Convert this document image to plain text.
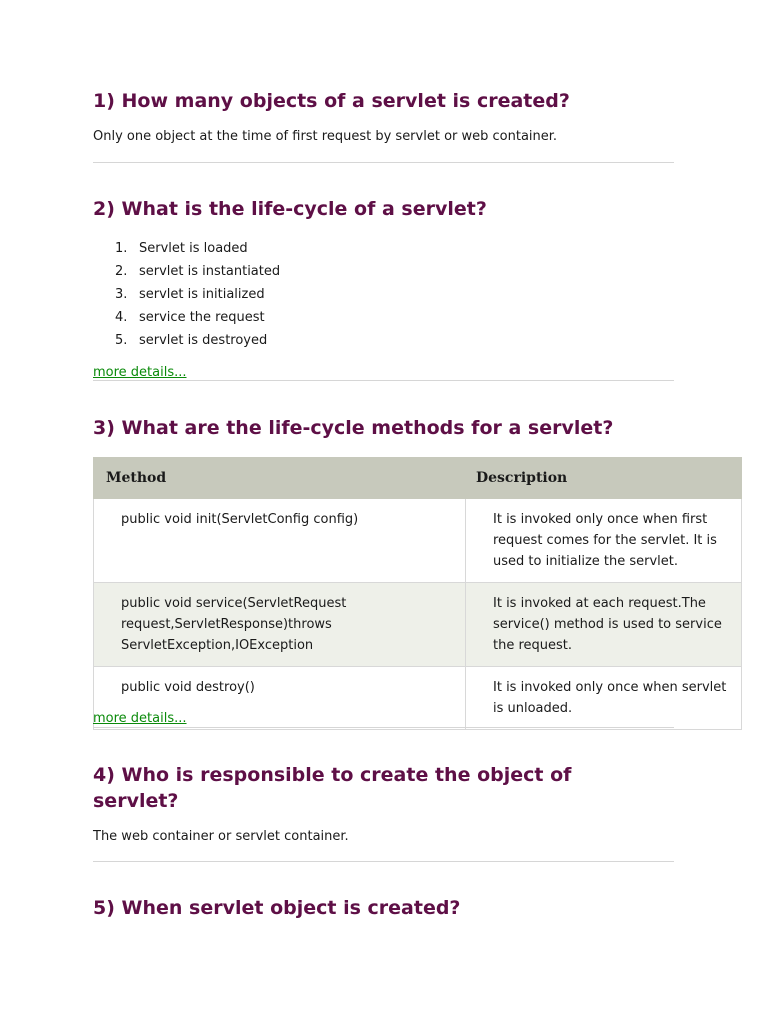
1) How many objects of a servlet is created?

Only one object at the time of first request by servlet or web container.

2) What is the life-cycle of a servlet?
1. Servlet is loaded
2. servlet is instantiated
3. servlet is initialized
4. service the request
5. servlet is destroyed
more details...
3) What are the life-cycle methods for a servlet?
Method	Description
public void init(ServletConfig config)	It is invoked only once when first request comes for the servlet. It is used to initialize the servlet.
public void service(ServletRequest request,ServletResponse)throws ServletException,IOException	It is invoked at each request.The service() method is used to service the request.
public void destroy()	It is invoked only once when servlet is unloaded.
more details...
4) Who is responsible to create the object of servlet?

The web container or servlet container.

5) When servlet object is created?
